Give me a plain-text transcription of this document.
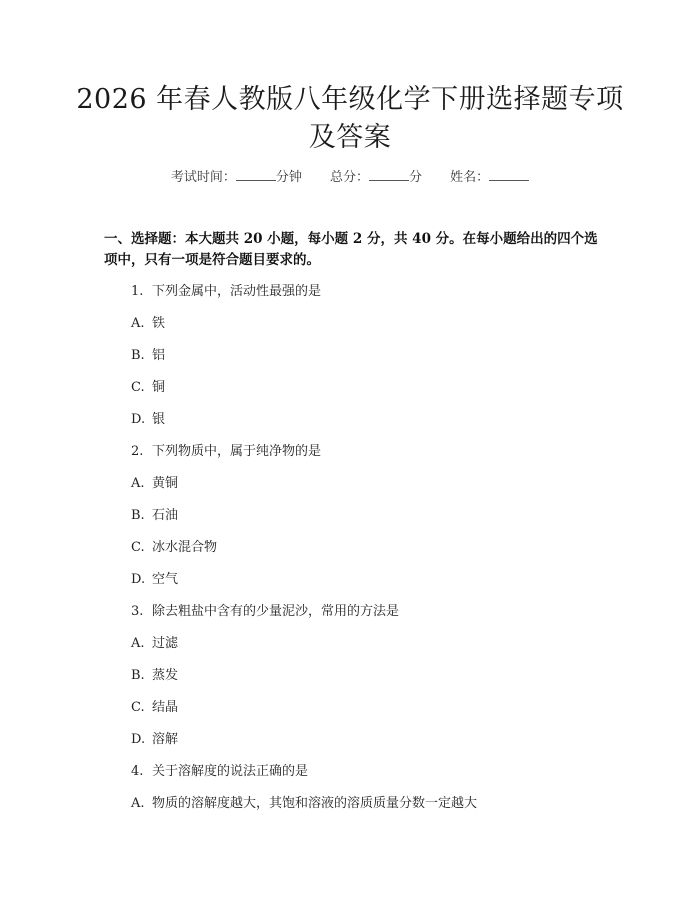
2026 年春人教版八年级化学下册选择题专项
及答案
考试时间：	分钟 总分：	分 姓名：
一、选择题：本大题共 20 小题，每小题 2 分，共 40 分。在每小题给出的四个选
项中，只有一项是符合题目要求的。
1. 下列金属中，活动性最强的是
A. 铁
B. 铝
C. 铜
D. 银
2. 下列物质中，属于纯净物的是
A. 黄铜
B. 石油
C. 冰水混合物
D. 空气
3. 除去粗盐中含有的少量泥沙，常用的方法是
A. 过滤
B. 蒸发
C. 结晶
D. 溶解
4. 关于溶解度的说法正确的是
A. 物质的溶解度越大，其饱和溶液的溶质质量分数一定越大
